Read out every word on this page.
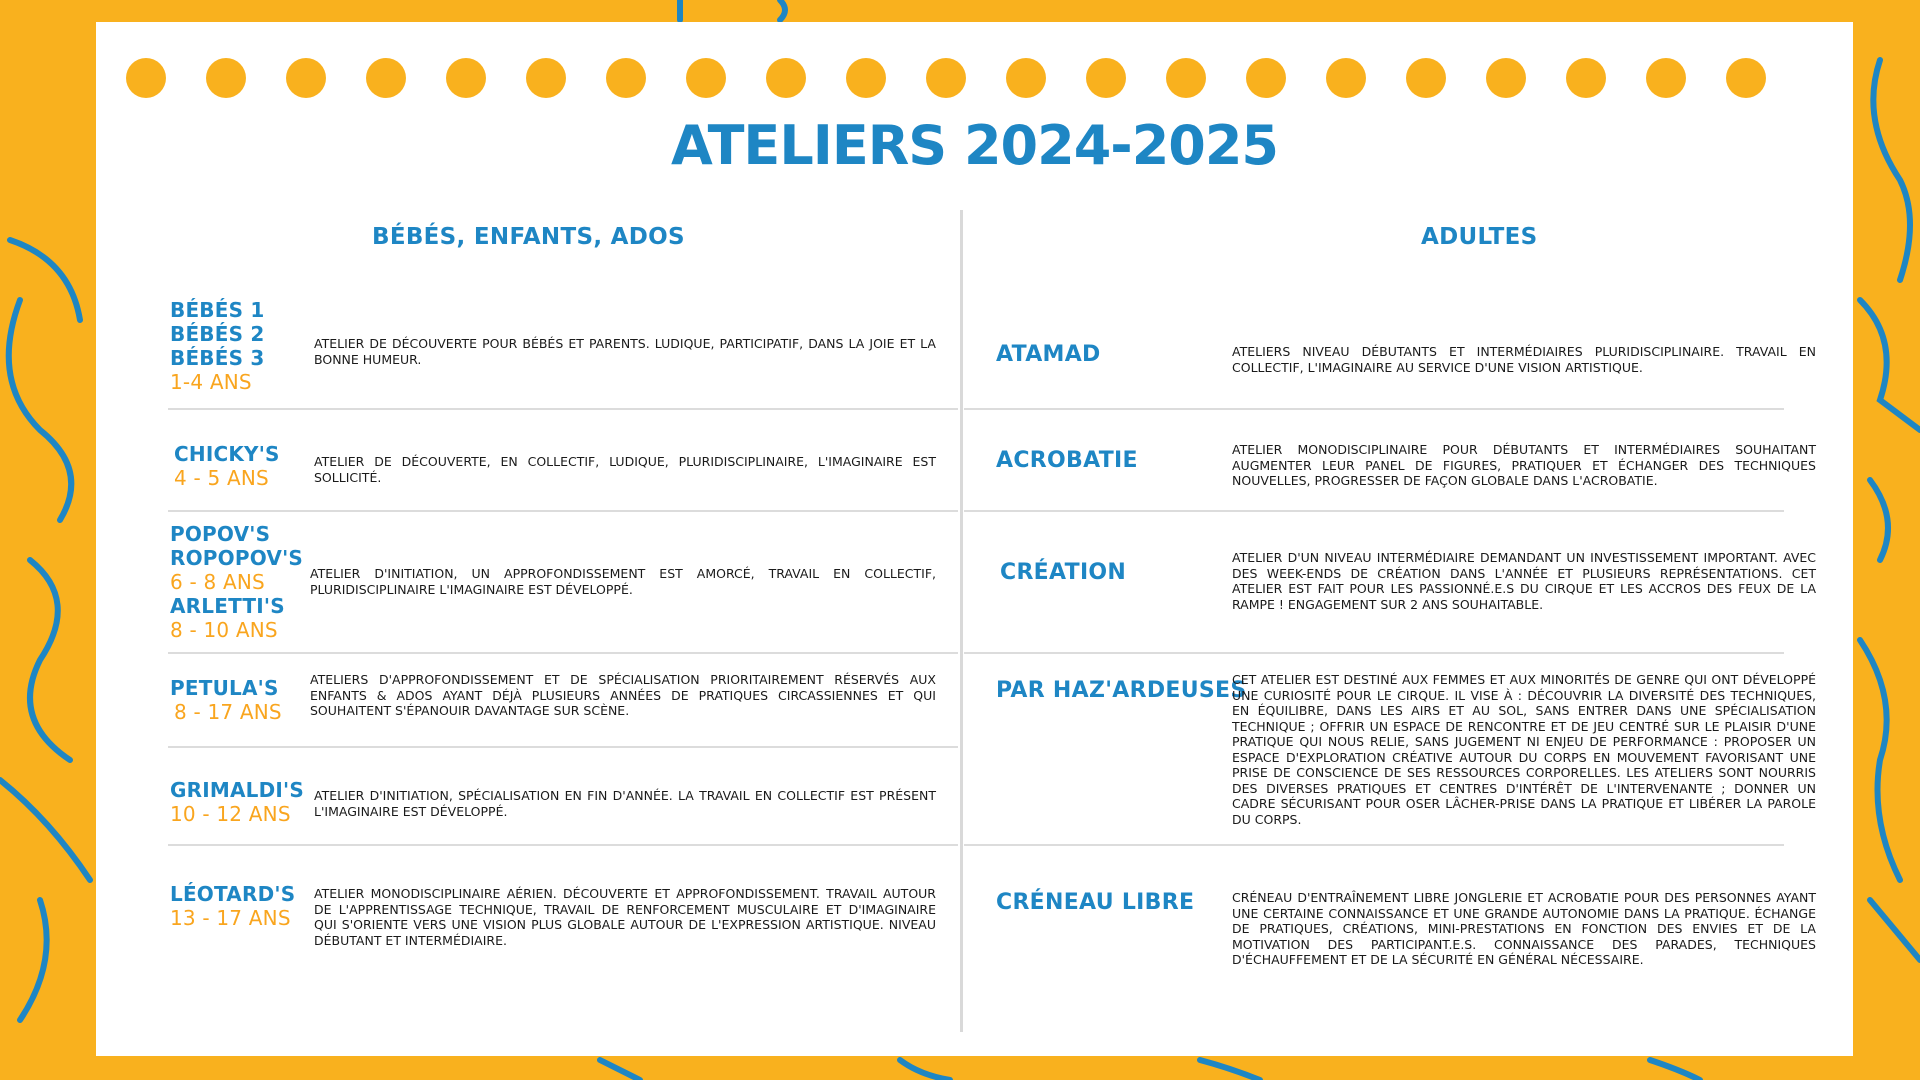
ATELIERS 2024-2025
BÉBÉS, ENFANTS, ADOS	ADULTES
BÉBÉS 1
BÉBÉS 2
BÉBÉS 3
1-4 ANS
ATELIER DE DÉCOUVERTE POUR BÉBÉS ET PARENTS. LUDIQUE, PARTICIPATIF, DANS LA JOIE ET LA BONNE HUMEUR.
CHICKY'S
4 - 5 ANS
ATELIER DE DÉCOUVERTE, EN COLLECTIF, LUDIQUE, PLURIDISCIPLINAIRE, L'IMAGINAIRE EST SOLLICITÉ.
POPOV'S
ROPOPOV'S
6 - 8 ANS
ARLETTI'S
8 - 10 ANS
ATELIER D'INITIATION, UN APPROFONDISSEMENT EST AMORCÉ, TRAVAIL EN COLLECTIF, PLURIDISCIPLINAIRE L'IMAGINAIRE EST DÉVELOPPÉ.
PETULA'S
8 - 17 ANS
ATELIERS D'APPROFONDISSEMENT ET DE SPÉCIALISATION PRIORITAIREMENT RÉSERVÉS AUX ENFANTS & ADOS AYANT DÉJÀ PLUSIEURS ANNÉES DE PRATIQUES CIRCASSIENNES ET QUI SOUHAITENT S'ÉPANOUIR DAVANTAGE SUR SCÈNE.
GRIMALDI'S
10 - 12 ANS
ATELIER D'INITIATION, SPÉCIALISATION EN FIN D'ANNÉE. LA TRAVAIL EN COLLECTIF EST PRÉSENT L'IMAGINAIRE EST DÉVELOPPÉ.
LÉOTARD'S
13 - 17 ANS
ATELIER MONODISCIPLINAIRE AÉRIEN. DÉCOUVERTE ET APPROFONDISSEMENT. TRAVAIL AUTOUR DE L'APPRENTISSAGE TECHNIQUE, TRAVAIL DE RENFORCEMENT MUSCULAIRE ET D'IMAGINAIRE QUI S'ORIENTE VERS UNE VISION PLUS GLOBALE AUTOUR DE L'EXPRESSION ARTISTIQUE. NIVEAU DÉBUTANT ET INTERMÉDIAIRE.
ATAMAD	ATELIERS NIVEAU DÉBUTANTS ET INTERMÉDIAIRES PLURIDISCIPLINAIRE. TRAVAIL EN COLLECTIF, L'IMAGINAIRE AU SERVICE D'UNE VISION ARTISTIQUE.
ACROBATIE	ATELIER MONODISCIPLINAIRE POUR DÉBUTANTS ET INTERMÉDIAIRES SOUHAITANT AUGMENTER LEUR PANEL DE FIGURES, PRATIQUER ET ÉCHANGER DES TECHNIQUES NOUVELLES, PROGRESSER DE FAÇON GLOBALE DANS L'ACROBATIE.
CRÉATION
ATELIER D'UN NIVEAU INTERMÉDIAIRE DEMANDANT UN INVESTISSEMENT IMPORTANT. AVEC DES WEEK-ENDS DE CRÉATION DANS L'ANNÉE ET PLUSIEURS REPRÉSENTATIONS. CET ATELIER EST FAIT POUR LES PASSIONNÉ.E.S DU CIRQUE ET LES ACCROS DES FEUX DE LA RAMPE ! ENGAGEMENT SUR 2 ANS SOUHAITABLE.
PAR HAZ'ARDEUSES
CET ATELIER EST DESTINÉ AUX FEMMES ET AUX MINORITÉS DE GENRE QUI ONT DÉVELOPPÉ UNE CURIOSITÉ POUR LE CIRQUE. IL VISE À : DÉCOUVRIR LA DIVERSITÉ DES TECHNIQUES, EN ÉQUILIBRE, DANS LES AIRS ET AU SOL, SANS ENTRER DANS UNE SPÉCIALISATION TECHNIQUE ; OFFRIR UN ESPACE DE RENCONTRE ET DE JEU CENTRÉ SUR LE PLAISIR D'UNE PRATIQUE QUI NOUS RELIE, SANS JUGEMENT NI ENJEU DE PERFORMANCE : PROPOSER UN ESPACE D'EXPLORATION CRÉATIVE AUTOUR DU CORPS EN MOUVEMENT FAVORISANT UNE PRISE DE CONSCIENCE DE SES RESSOURCES CORPORELLES. LES ATELIERS SONT NOURRIS DES DIVERSES PRATIQUES ET CENTRES D'INTÉRÊT DE L'INTERVENANTE ; DONNER UN CADRE SÉCURISANT POUR OSER LÂCHER-PRISE DANS LA PRATIQUE ET LIBÉRER LA PAROLE DU CORPS.
CRÉNEAU LIBRE	CRÉNEAU D'ENTRAÎNEMENT LIBRE JONGLERIE ET ACROBATIE POUR DES PERSONNES AYANT UNE CERTAINE CONNAISSANCE ET UNE GRANDE AUTONOMIE DANS LA PRATIQUE. ÉCHANGE DE PRATIQUES, CRÉATIONS, MINI-PRESTATIONS EN FONCTION DES ENVIES ET DE LA MOTIVATION DES PARTICIPANT.E.S. CONNAISSANCE DES PARADES, TECHNIQUES D'ÉCHAUFFEMENT ET DE LA SÉCURITÉ EN GÉNÉRAL NÉCESSAIRE.
